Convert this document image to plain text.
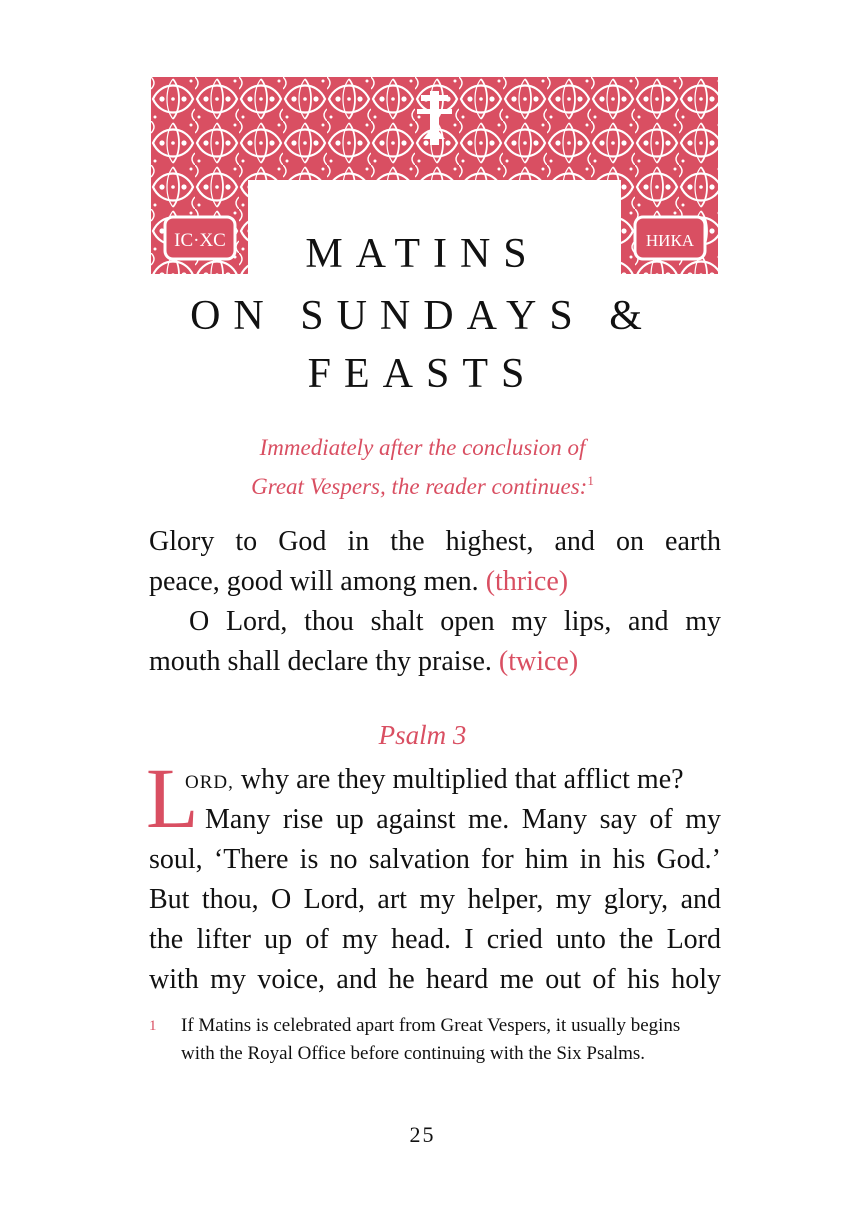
IC·XC	НИКА
MATINS
ON SUNDAYS &
FEASTS
Immediately after the conclusion of
Great Vespers, the reader continues:$^1$
Glory to God in the highest, and on earth
peace, good will among men. (thrice)
O Lord, thou shalt open my lips, and my
mouth shall declare thy praise. (twice)
Psalm 3
L
ORD, why are they multiplied that afflict me?
Many rise up against me. Many say of my
soul, ‘There is no salvation for him in his God.’
But thou, O Lord, art my helper, my glory, and
the lifter up of my head. I cried unto the Lord
with my voice, and he heard me out of his holy
1 If Matins is celebrated apart from Great Vespers, it usually begins with the Royal Office before continuing with the Six Psalms.
25
